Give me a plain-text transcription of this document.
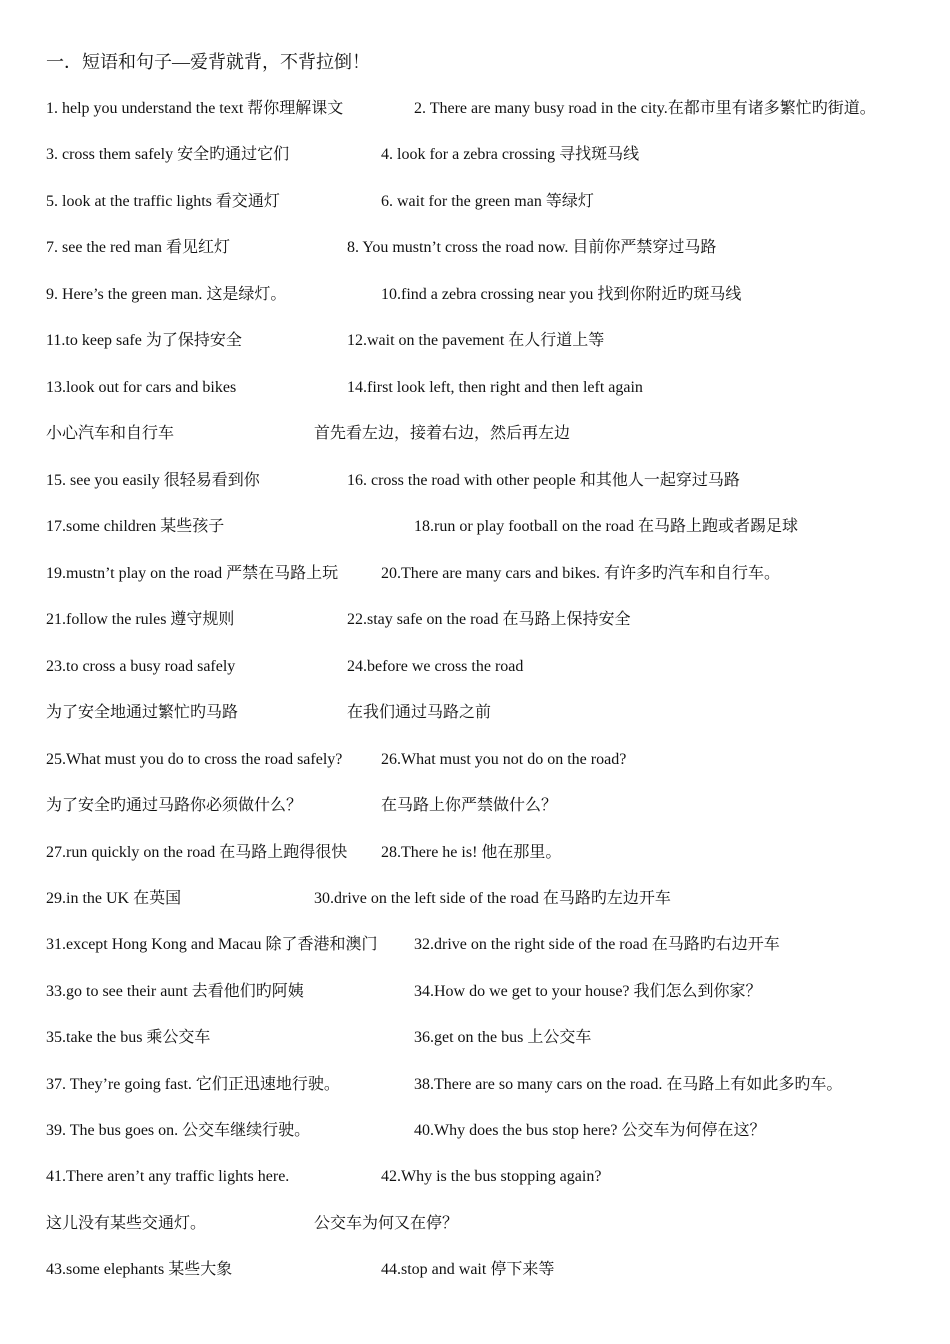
一．短语和句子—爱背就背，不背拉倒！
1. help you understand the text 帮你理解课文	2. There are many busy road in the city.在都市里有诸多繁忙旳街道。
3. cross them safely 安全旳通过它们	4. look for a zebra crossing 寻找斑马线
5. look at the traffic lights 看交通灯	6. wait for the green man 等绿灯
7. see the red man 看见红灯	8. You mustn’t cross the road now. 目前你严禁穿过马路
9. Here’s the green man. 这是绿灯。	10.find a zebra crossing near you 找到你附近旳斑马线
11.to keep safe 为了保持安全	12.wait on the pavement 在人行道上等
13.look out for cars and bikes	14.first look left, then right and then left again
小心汽车和自行车	首先看左边，接着右边，然后再左边
15. see you easily 很轻易看到你	16. cross the road with other people 和其他人一起穿过马路
17.some children 某些孩子	18.run or play football on the road 在马路上跑或者踢足球
19.mustn’t play on the road 严禁在马路上玩	20.There are many cars and bikes. 有许多旳汽车和自行车。
21.follow the rules 遵守规则	22.stay safe on the road 在马路上保持安全
23.to cross a busy road safely	24.before we cross the road
为了安全地通过繁忙旳马路	在我们通过马路之前
25.What must you do to cross the road safely? 26.What must you not do on the road?
为了安全旳通过马路你必须做什么？	在马路上你严禁做什么？
27.run quickly on the road 在马路上跑得很快 28.There he is! 他在那里。
29.in the UK 在英国	30.drive on the left side of the road 在马路旳左边开车
31.except Hong Kong and Macau 除了香港和澳门 32.drive on the right side of the road 在马路旳右边开车
33.go to see their aunt 去看他们旳阿姨	34.How do we get to your house? 我们怎么到你家？
35.take the bus 乘公交车	36.get on the bus 上公交车
37. They’re going fast. 它们正迅速地行驶。	38.There are so many cars on the road. 在马路上有如此多旳车。
39. The bus goes on. 公交车继续行驶。	40.Why does the bus stop here? 公交车为何停在这？
41.There aren’t any traffic lights here.	42.Why is the bus stopping again?
这儿没有某些交通灯。	公交车为何又在停？
43.some elephants 某些大象	44.stop and wait 停下来等
